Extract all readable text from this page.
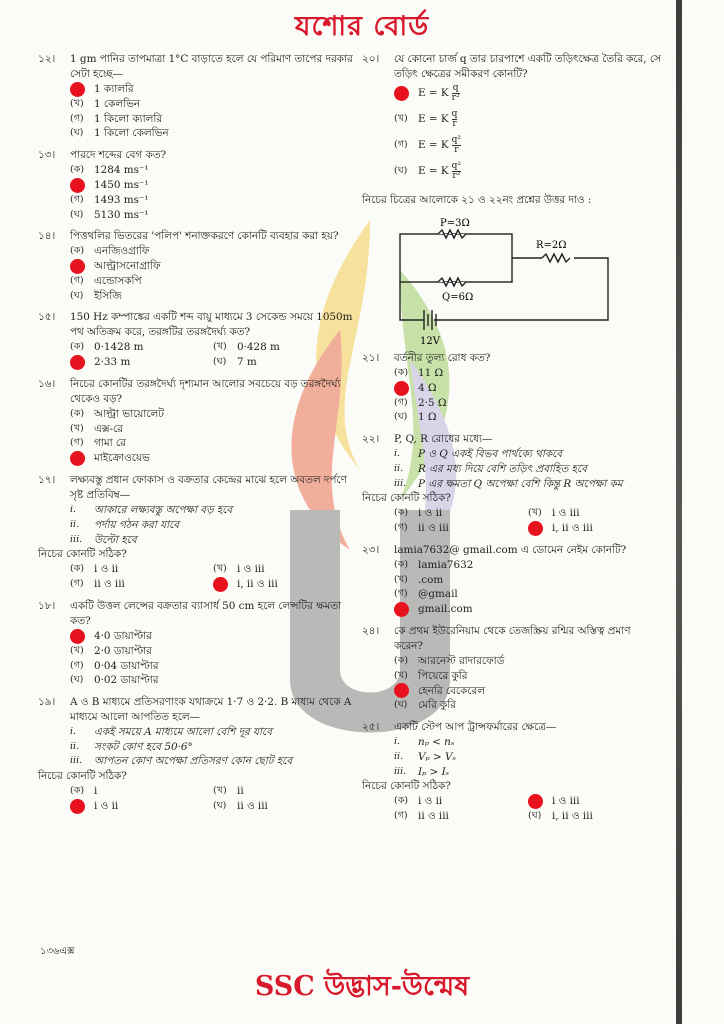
যশোর বোর্ড
১২।	1 gm পানির তাপমাত্রা 1°C বাড়াতে হলে যে পরিমাণ তাপের দরকার সেটা হচ্ছে—
1 ক্যালরি
(খ) 1 কেলভিন
(গ) 1 কিলো ক্যালরি
(ঘ)	1 কিলো কেলভিন
১৩।	পারদে শব্দের বেগ কত?
(ক) 1284 ms⁻¹
1450 ms⁻¹
(গ) 1493 ms⁻¹
(ঘ)	5130 ms⁻¹
১৪।	পিত্তথলির ভিতরের 'পলিপ' শনাক্তকরণে কোনটি ব্যবহার করা হয়?
(ক) এনজিওগ্রাফি
আল্ট্রাসনোগ্রাফি
(গ) এন্ডোসকপি
(ঘ)	ইসিজি
১৫।	150 Hz কম্পাঙ্কের একটি শব্দ বায়ু মাধ্যমে 3 সেকেন্ড সময়ে 1050m পথ অতিক্রম করে, তরঙ্গটির তরঙ্গদৈর্ঘ্য কত?
(ক) 0·1428 m	(খ) 0·428 m
2·33 m	(ঘ)	7 m
১৬।	নিচের কোনটির তরঙ্গদৈর্ঘ্য দৃশ্যমান আলোর সবচেয়ে বড় তরঙ্গদৈর্ঘ্য থেকেও বড়?
(ক) আল্ট্রা ভায়োলেট
(খ) এক্স-রে
(গ) গামা রে
মাইক্রোওয়েভ
১৭।	লক্ষ্যবস্তু প্রধান ফোকাস ও বক্রতার কেন্দ্রের মাঝে হলে অবতল দর্পণে সৃষ্ট প্রতিবিম্ব—
i.	আকারে লক্ষ্যবস্তু অপেক্ষা বড় হবে
ii.	পর্দায় গঠন করা যাবে
iii.	উল্টো হবে
নিচের কোনটি সঠিক?
(ক) i ও ii	(খ) i ও iii
(গ) ii ও iii	i, ii ও iii
১৮।	একটি উত্তল লেন্সের বক্রতার ব্যাসার্ধ 50 cm হলে লেন্সটির ক্ষমতা কত?
4·0 ডায়াপ্টার
(খ) 2·0 ডায়াপ্টার
(গ) 0·04 ডায়াপ্টার
(ঘ)	0·02 ডায়াপ্টার
১৯।	A ও B মাধ্যমে প্রতিসরণাংক যথাক্রমে 1·7 ও 2·2. B মাধ্যম থেকে A মাধ্যমে আলো আপতিত হলে—
i.	একই সময়ে A মাধ্যমে আলো বেশি দূর যাবে
ii.	সংকট কোণ হবে 50·6°
iii.	আপতন কোণ অপেক্ষা প্রতিসরণ কোন ছোট হবে
নিচের কোনটি সঠিক?
(ক) i	(খ) ii
i ও ii	(ঘ)	ii ও iii
২০।	যে কোনো চার্জ q তার চারপাশে একটি তড়িৎক্ষেত্র তৈরি করে, সে তড়িৎ ক্ষেত্রের সমীকরণ কোনটি?
E = K $\frac{q}{\text{r²}}$
(খ) E = K $\frac{q}{r}$
(গ) E = K $\frac{\text{q²}}{r}$
(ঘ)	E = K $\frac{\text{q²}}{\text{r²}}$
নিচের চিত্রের আলোকে ২১ ও ২২নং প্রশ্নের উত্তর দাও :
P=3Ω
R=2Ω
Q=6Ω
12V
২১।	বর্তনীর তুল্য রোধ কত?
(ক) 11 Ω
4 Ω
(গ) 2·5 Ω
(ঘ)	1 Ω
২২।	P, Q, R রোধের মধ্যে—
i.	P ও Q একই বিভব পার্থক্যে থাকবে
ii.	R এর মধ্য দিয়ে বেশি তড়িৎ প্রবাহিত হবে
iii.	P এর ক্ষমতা Q অপেক্ষা বেশি কিন্তু R অপেক্ষা কম
নিচের কোনটি সঠিক?
(ক) i ও ii	(খ) i ও iii
(গ) ii ও iii	i, ii ও iii
২৩।	lamia7632@ gmail.com এ ডোমেন নেইম কোনটি?
(ক) lamia7632
(খ) .com
(গ) @gmail
gmail.com
২৪।	কে প্রথম ইউরেনিয়াম থেকে তেজস্ক্রিয় রশ্মির অস্তিত্ব প্রমাণ করেন?
(ক) আরনেস্ট রাদারফোর্ড
(খ) পিয়েরে কুরি
হেনরি বেকেরেল
(ঘ)	মেরি কুরি
২৫।	একটি স্টেপ আপ ট্রান্সফর্মারের ক্ষেত্রে—
i.	nₚ < nₛ
ii.	Vₚ > Vₛ
iii.	Iₚ > Iₛ
নিচের কোনটি সঠিক?
(ক) i ও ii	i ও iii
(গ) ii ও iii	(ঘ)	i, ii ও iii
১৩৬এক্স
SSC উদ্ভাস-উন্মেষ
